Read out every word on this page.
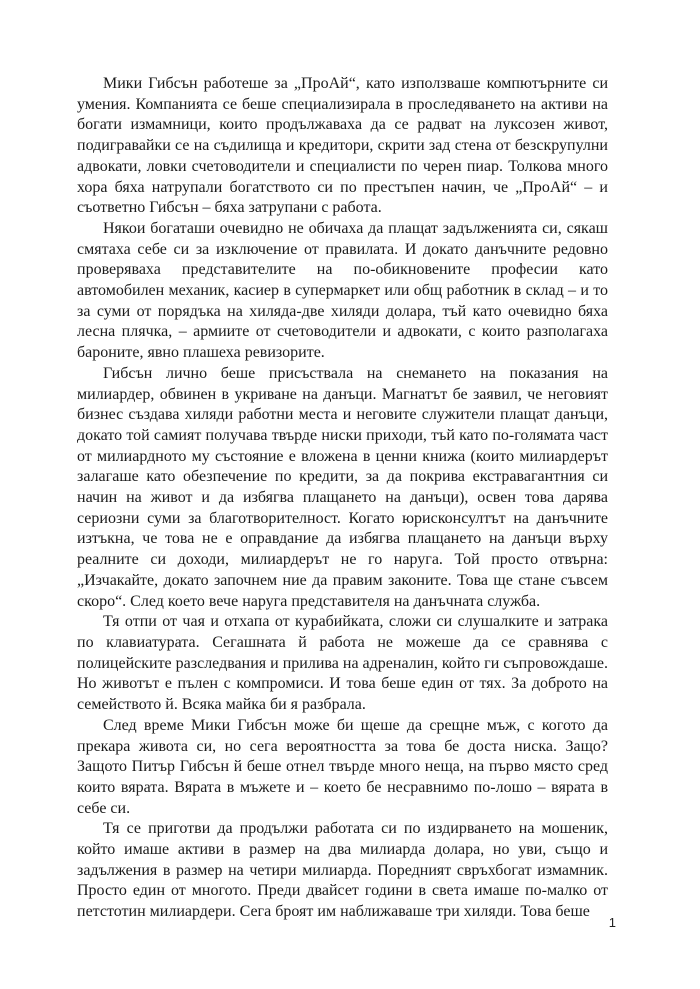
Мики Гибсън работеше за „ПроАй“, като използваше компютърните си умения. Компанията се беше специализирала в проследяването на активи на богати измамници, които продължаваха да се радват на луксозен живот, подигравайки се на съдилища и кредитори, скрити зад стена от безскрупулни адвокати, ловки счетоводители и специалисти по черен пиар. Толкова много хора бяха натрупали богатството си по престъпен начин, че „ПроАй“ – и съответно Гибсън – бяха затрупани с работа.

Някои богаташи очевидно не обичаха да плащат задълженията си, сякаш смятаха себе си за изключение от правилата. И докато данъчните редовно проверяваха представителите на по-обикновените професии като автомобилен механик, касиер в супермаркет или общ работник в склад – и то за суми от порядъка на хиляда-две хиляди долара, тъй като очевидно бяха лесна плячка, – армиите от счетоводители и адвокати, с които разполагаха бароните, явно плашеха ревизорите.

Гибсън лично беше присъствала на снемането на показания на милиардер, обвинен в укриване на данъци. Магнатът бе заявил, че неговият бизнес създава хиляди работни места и неговите служители плащат данъци, докато той самият получава твърде ниски приходи, тъй като по-голямата част от милиардното му състояние е вложена в ценни книжа (които милиардерът залагаше като обезпечение по кредити, за да покрива екстравагантния си начин на живот и да избягва плащането на данъци), освен това дарява сериозни суми за благотворителност. Когато юрисконсултът на данъчните изтъкна, че това не е оправдание да избягва плащането на данъци върху реалните си доходи, милиардерът не го наруга. Той просто отвърна: „Изчакайте, докато започнем ние да правим законите. Това ще стане съвсем скоро“. След което вече наруга представителя на данъчната служба.

Тя отпи от чая и отхапа от курабийката, сложи си слушалките и затрака по клавиатурата. Сегашната й работа не можеше да се сравнява с полицейските разследвания и прилива на адреналин, който ги съпровождаше. Но животът е пълен с компромиси. И това беше един от тях. За доброто на семейството й. Всяка майка би я разбрала.

След време Мики Гибсън може би щеше да срещне мъж, с когото да прекара живота си, но сега вероятността за това бе доста ниска. Защо? Защото Питър Гибсън й беше отнел твърде много неща, на първо място сред които вярата. Вярата в мъжете и – което бе несравнимо по-лошо – вярата в себе си.

Тя се приготви да продължи работата си по издирването на мошеник, който имаше активи в размер на два милиарда долара, но уви, също и задължения в размер на четири милиарда. Поредният свръхбогат измамник. Просто един от многото. Преди двайсет години в света имаше по-малко от петстотин милиардери. Сега броят им наближаваше три хиляди. Това беше

1
